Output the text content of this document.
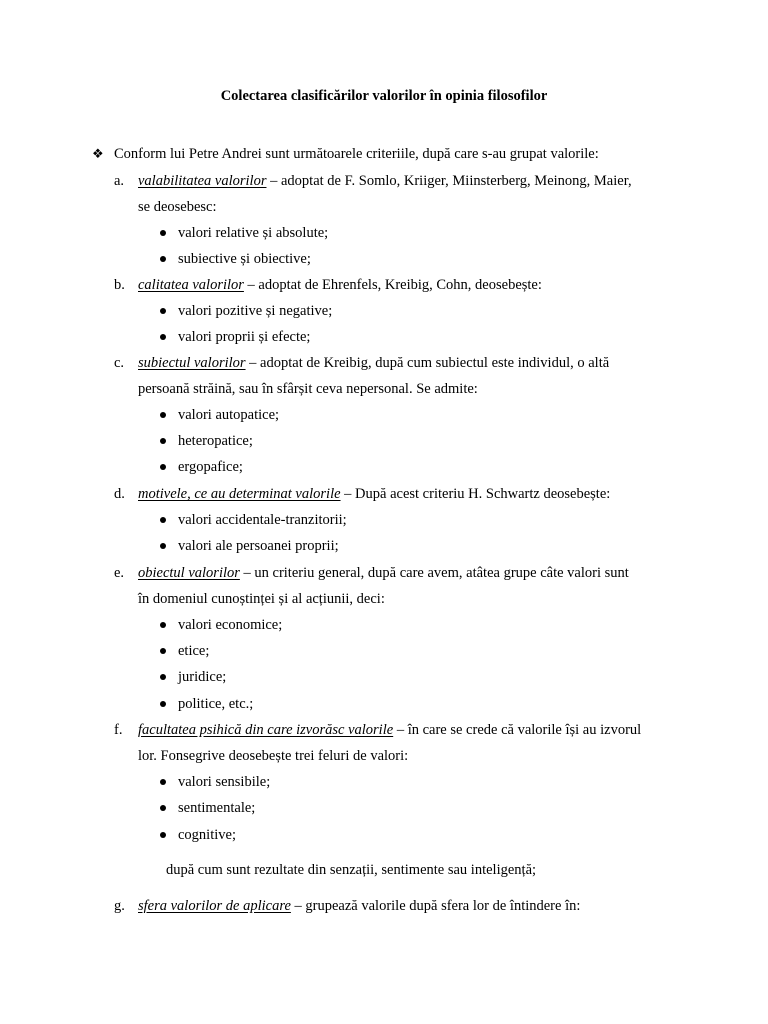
Colectarea clasificărilor valorilor în opinia filosofilor
❖ Conform lui Petre Andrei sunt următoarele criteriile, după care s-au grupat valorile:
a. valabilitatea valorilor – adoptat de F. Somlo, Kriiger, Miinsterberg, Meinong, Maier,
se deosebesc:
valori relative și absolute;
subiective și obiective;
b. calitatea valorilor – adoptat de Ehrenfels, Kreibig, Cohn, deosebește:
valori pozitive și negative;
valori proprii și efecte;
c. subiectul valorilor – adoptat de Kreibig, după cum subiectul este individul, o altă
persoană străină, sau în sfârșit ceva nepersonal. Se admite:
valori autopatice;
heteropatice;
ergopafice;
d. motivele, ce au determinat valorile – După acest criteriu H. Schwartz deosebește:
valori accidentale-tranzitorii;
valori ale persoanei proprii;
e. obiectul valorilor – un criteriu general, după care avem, atâtea grupe câte valori sunt
în domeniul cunoștinței și al acțiunii, deci:
valori economice;
etice;
juridice;
politice, etc.;
f.	facultatea psihică din care izvorăsc valorile – în care se crede că valorile își au izvorul
lor. Fonsegrive deosebește trei feluri de valori:
valori sensibile;
sentimentale;
cognitive;
după cum sunt rezultate din senzații, sentimente sau inteligență;
g. sfera valorilor de aplicare – grupează valorile după sfera lor de întindere în:
